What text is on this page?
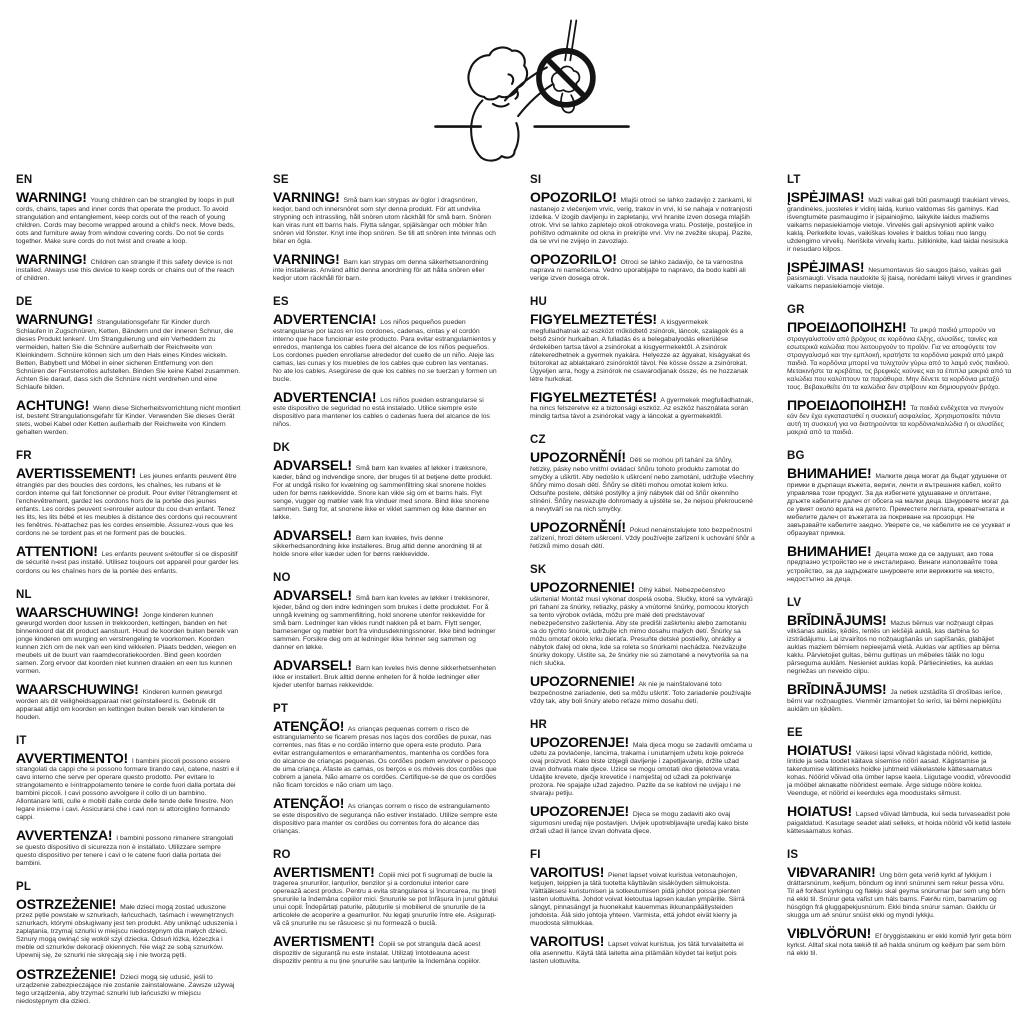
EN

WARNING! Young children can be strangled by loops in pull cords, chains, tapes and inner cords that operate the product. To avoid strangulation and entanglement, keep cords out of the reach of young children. Cords may become wrapped around a child's neck. Move beds, cots and furniture away from window covering cords. Do not tie cords together. Make sure cords do not twist and create a loop.

WARNING! Children can strangle if this safety device is not installed. Always use this device to keep cords or chains out of the reach of children.

DE

WARNUNG! Strangulationsgefahr für Kinder durch Schlaufen in Zugschnüren, Ketten, Bändern und der inneren Schnur, die dieses Produkt lenken!. Um Strangulierung und ein Verheddern zu vermeiden, halten Sie die Schnüre außerhalb der Reichweite von Kleinkindern. Schnüre können sich um den Hals eines Kindes wickeln. Betten, Babybett und Möbel in einer sicheren Entfernung von den Schnüren der Fensterrollos aufstellen. Binden Sie keine Kabel zusammen. Achten Sie darauf, dass sich die Schnüre nicht verdrehen und eine Schlaufe bilden.

ACHTUNG! Wenn diese Sicherheitsvorrichtung nicht montiert ist, besteht Strangulationsgefahr für Kinder. Verwenden Sie dieses Gerät stets, wobei Kabel oder Ketten außerhalb der Reichweite von Kindern gehalten werden.

FR

AVERTISSEMENT! Les jeunes enfants peuvent être étranglés par des boucles des cordons, les chaînes, les rubans et le cordon interne qui fait fonctionner ce produit. Pour éviter l'étranglement et l'enchevêtrement, gardez les cordons hors de la portée des jeunes enfants. Les cordes peuvent s›enrouler autour du cou d›un enfant. Tenez les lits, les lits bébé et les meubles à distance des cordons qui recouvrent les fenêtres. N›attachez pas les cordes ensemble. Assurez-vous que les cordons ne se tordent pas et ne forment pas de boucles.

ATTENTION! Les enfants peuvent s›étouffer si ce dispositif de sécurité n›est pas installé. Utilisez toujours cet appareil pour garder les cordons ou les chaînes hors de la portée des enfants.

NL

WAARSCHUWING! Jonge kinderen kunnen gewurgd worden door lussen in trekkoorden, kettingen, banden en het binnenkoord dat dit product aanstuurt. Houd de koorden buiten bereik van jonge kinderen om wurging en verstrengeling te voorkomen. Koorden kunnen zich om de nek van een kind wikkelen. Plaats bedden, wiegen en meubels uit de buurt van raamdecoratiekoorden. Bind geen koorden samen. Zorg ervoor dat koorden niet kunnen draaien en een lus kunnen vormen.

WAARSCHUWING! Kinderen kunnen gewurgd worden als dit veiligheidsapparaat niet geïnstalleerd is. Gebruik dit apparaat altijd om koorden en kettingen buiten bereik van kinderen te houden.

IT

AVVERTIMENTO! I bambini piccoli possono essere strangolati da cappi che si possono formare tirando cavi, catene, nastri e il cavo interno che serve per operare questo prodotto. Per evitare lo strangolamento e l›intrappolamento tenere le corde fuori dalla portata dei bambini piccoli. I cavi possono avvolgere il collo di un bambino. Allontanare letti, culle e mobili dalle corde delle tende delle finestre. Non legare insieme i cavi. Assicurarsi che i cavi non si attorciglino formando cappi.

AVVERTENZA! I bambini possono rimanere strangolati se questo dispositivo di sicurezza non è installato. Utilizzare sempre questo dispositivo per tenere i cavi o le catene fuori dalla portata dei bambini.

PL

OSTRZEŻENIE! Małe dzieci mogą zostać uduszone przez pętle powstałe w sznurkach, łańcuchach, taśmach i wewnętrznych sznurkach, którymi obsługiwany jest ten produkt. Aby uniknąć uduszenia i zaplątania, trzymaj sznurki w miejscu niedostępnym dla małych dzieci. Sznury mogą owinąć się wokół szyi dziecka. Odsuń łóżka, łóżeczka i meble od sznurków dekoracji okiennych. Nie wiąż ze sobą sznurków. Upewnij się, że sznurki nie skręcają się i nie tworzą pętli.

OSTRZEŻENIE! Dzieci mogą się udusić, jeśli to urządzenie zabezpieczające nie zostanie zainstalowane. Zawsze używaj tego urządzenia, aby trzymać sznurki lub łańcuszki w miejscu niedostępnym dla dzieci.

SE

VARNING! Små barn kan strypas av öglor i dragsnören, kedjor, band och innersnöret som styr denna produkt. För att undvika strypning och intrassling, håll snören utom räckhåll för små barn. Snören kan viras runt ett barns hals. Flytta sängar, spjälsängar och möbler från snören vid fönster. Knyt inte ihop snören. Se till att snören inte tvinnas och bilar en ögla.

VARNING! Barn kan strypas om denna säkerhetsanordning inte installeras. Använd alltid denna anordning för att hålla snören eller kedjor utom räckhåll för barn.

ES

ADVERTENCIA! Los niños pequeños pueden estrangularse por lazos en los cordones, cadenas, cintas y el cordón interno que hace funcionar este producto. Para evitar estrangulamientos y enredos, mantenga los cables fuera del alcance de los niños pequeños. Los cordones pueden enrollarse alrededor del cuello de un niño. Aleje las camas, las cunas y los muebles de los cables que cubren las ventanas. No ate los cables. Asegúrese de que los cables no se tuerzan y formen un bucle.

ADVERTENCIA! Los niños pueden estrangularse si este dispositivo de seguridad no está instalado. Utilice siempre este dispositivo para mantener los cables o cadenas fuera del alcance de los niños.

DK

ADVARSEL! Små børn kan kvæles af løkker i træksnore, kæder, bånd og indvendige snore, der bruges til at betjene dette produkt. For at undgå risiko for kvælning og sammenfiltring skal snorene holdes uden for børns rækkevidde. Snore kan vikle sig om et barns hals. Flyt senge, vugger og møbler væk fra vinduer med snore. Bind ikke snorene sammen. Sørg for, at snorene ikke er viklet sammen og ikke danner en løkke.

ADVARSEL! Børn kan kvæles, hvis denne sikkerhedsanordning ikke installeres. Brug altid denne anordning til at holde snore eller kæder uden for børns rækkevidde.

NO

ADVARSEL! Små barn kan kveles av løkker i trekksnorer, kjeder, bånd og den indre ledningen som brukes i dette produktet. For å unngå kvelning og sammenfiltring, hold snorene utenfor rekkevidde for små barn. Ledninger kan vikles rundt nakken på et barn. Flytt senger, barnesenger og møbler bort fra vindusdekningssnorer. Ikke bind ledninger sammen. Forsikre deg om at ledninger ikke tvinner seg sammen og danner en løkke.

ADVARSEL! Barn kan kveles hvis denne sikkerhetsenheten ikke er installert. Bruk alltid denne enheten for å holde ledninger eller kjeder utenfor barnas rekkevidde.

PT

ATENÇÃO! As crianças pequenas correm o risco de estrangulamento se ficarem presas nos laços dos cordões de puxar, nas correntes, nas fitas e no cordão interno que opera este produto. Para evitar estrangulamentos e emaranhamentos, mantenha os cordões fora do alcance de crianças pequenas. Os cordões podem envolver o pescoço de uma criança. Afaste as camas, os berços e os móveis dos cordões que cobrem a janela. Não amarre os cordões. Certifique-se de que os cordões não ficam torcidos e não criam um laço.

ATENÇÃO! As crianças correm o risco de estrangulamento se este dispositivo de segurança não estiver instalado. Utilize sempre este dispositivo para manter os cordões ou correntes fora do alcance das crianças.

RO

AVERTISMENT! Copiii mici pot fi sugrumați de bucle la tragerea șnururilor, lanțurilor, benzilor și a cordonului interior care operează acest produs. Pentru a evita strangularea și încurcarea, nu țineți șnururile la îndemâna copiilor mici. Șnururile se pot înfășura în jurul gâtului unui copil. Îndepărtați paturile, pătuțurile și mobilierul de șnururile de la articolele de acoperire a geamurilor. Nu legați șnururile între ele. Asigurați-vă că șnururile nu se răsucesc și nu formează o buclă.

AVERTISMENT! Copiii se pot strangula dacă acest dispozitiv de siguranță nu este instalat. Utilizați întotdeauna acest dispozitiv pentru a nu ține șnururile sau lanțurile la îndemâna copiilor.

SI

OPOZORILO! Mlajši otroci se lahko zadavijo z zankami, ki nastanejo z vlečenjem vrvic, verig, trakov in vrvi, ki se nahaja v notranjosti izdelka. V izogib davljenju in zapletanju, vrvi hranite izven dosega mlajših otrok. Vrvi se lahko zapletejo okoli otrokovega vratu. Postelje, posteljice in pohištvo odmaknite od okna in prekrijte vrvi. Vrv ne zvežite skupaj. Pazite, da se vrvi ne zvijejo in zavozlajo.

OPOZORILO! Otroci se lahko zadavijo, če ta varnostna naprava ni nameščena. Vedno uporabljajte to napravo, da bodo kabli ali verige izven dosega otrok.

HU

FIGYELMEZTETÉS! A kisgyermekek megfulladhatnak az eszközt működtető zsinórok, láncok, szalagok és a belső zsinór hurkaiban. A fulladás és a belegabalyodás elkerülése érdekében tartsa távol a zsinórokat a kisgyermekektől. A zsinórok rátekeredhetnek a gyermek nyakára. Helyezze az ágyakat, kiságyakat és bútorokat az ablaktakaró zsinóroktól távol. Ne kösse össze a zsinórokat. Ügyeljen arra, hogy a zsinórok ne csavarodjanak össze, és ne hozzanak létre hurkokat.

FIGYELMEZTETÉS! A gyermekek megfulladhatnak, ha nincs felszerelve ez a biztonsági eszköz. Az eszköz használata során mindig tartsa távol a zsinórokat vagy a láncokat a gyermekektől.

CZ

UPOZORNĚNÍ! Děti se mohou při tahání za šňůry, řetízky, pásky nebo vnitřní ovládací šňůru tohoto produktu zamotat do smyčky a uškrtit. Aby nedošlo k uškrcení nebo zamotání, udržujte všechny šňůry mimo dosah dětí. Šňůry se dítěti mohou omotat kolem krku. Odsuňte postele, dětské postýlky a jiný nábytek dál od šňůr okenního stínění. Šňůry nesvazujte dohromady a ujistěte se, že nejsou překroucené a nevytváří se na nich smyčky.

UPOZORNĚNÍ! Pokud nenainstalujete toto bezpečnostní zařízení, hrozí dětem uškrcení. Vždy používejte zařízení k uchování šňůr a řetízků mimo dosah dětí.

SK

UPOZORNENIE! Dlhý kábel. Nebezpečenstvo uškrtenia! Montáž musí vykonať dospelá osoba. Slučky, ktoré sa vytvárajú pri ťahaní za šnúrky, retiazky, pásky a vnútorné šnúrky, pomocou ktorých sa tento výrobok ovláda, môžu pre malé deti predstavovať nebezpečenstvo zaškrtenia. Aby ste predišli zaškrteniu alebo zamotaniu sa do týchto šnúrok, udržujte ich mimo dosahu malých detí. Šnúrky sa môžu omotať okolo krku dieťaťa. Presuňte detské postieľky, ohrádky a nábytok ďalej od okna, kde sa roleta so šnúrkami nachádza. Nezväzujte šnúrky dokopy. Uistite sa, že šnúrky nie sú zamotané a nevytvorila sa na nich slučka.

UPOZORNENIE! Ak nie je nainštalované toto bezpečnostné zariadenie, deti sa môžu uškrtiť. Toto zariadenie používajte vždy tak, aby boli šnúry alebo reťaze mimo dosahu detí.

HR

UPOZORENJE! Mala djeca mogu se zadaviti omčama u užetu za povlačenje, lancima, trakama i unutarnjem užetu koje pokreće ovaj proizvod. Kako biste izbjegli davljenje i zapetljavanje, držite užad izvan dohvata male djece. Uzice se mogu omotati oko djetetova vrata. Udaljite krevete, dječje krevetiće i namještaj od užadi za pokrivanje prozora. Ne spajajte užad zajedno. Pazite da se kablovi ne uvijaju i ne stvaraju petlju.

UPOZORENJE! Djeca se mogu zadaviti ako ovaj sigurnosni uređaj nije postavljen. Uvijek upotrebljavajte uređaj kako biste držali užad ili lance izvan dohvata djece.

FI

VAROITUS! Pienet lapset voivat kuristua vetonauhojen, ketjujen, teippien ja tätä tuotetta käyttävän sisäköyden silmukoista. Välttääksesi kuristumisen ja sotkeutumisen pidä johdot poissa pienten lasten ulottuvilta. Johdot voivat kietoutua lapsen kaulan ympärille. Siirrä sängyt, pinnasängyt ja huonekalut kauemmas ikkunanpäällysteiden johdoista. Älä sido johtoja yhteen. Varmista, että johdot eivät kierry ja muodosta silmukkaa.

VAROITUS! Lapset voivat kuristua, jos tätä turvalaitetta ei olla asennettu. Käytä tätä laitetta aina pitämään köydet tai ketjut pois lasten ulottuvilta.

LT

ĮSPĖJIMAS! Maži vaikai gali būti pasmaugti traukiant virves, grandinėles, juosteles ir vidinį laidą, kuriuo valdomas šis gaminys. Kad išvengtumėte pasmaugimo ir įsipainiojimo, laikykite laidus mažiems vaikams nepasiekiamoje vietoje. Virvelės gali apsivynioti aplink vaiko kaklą. Perkelkite lovas, vaikiškas loveles ir baldus toliau nuo langų uždengimo virvelių. Neriškite virvelių kartu. Įsitikinkite, kad laidai nesisuka ir nesudaro kilpos.

ĮSPĖJIMAS! Nesumontavus šio saugos įtaiso, vaikas gali pasismaugti. Visada naudokite šį įtaisą, norėdami laikyti virves ir grandines vaikams nepasiekiamoje vietoje.

GR

ΠΡΟΕΙΔΟΠΟΙΗΣΗ! Τα μικρά παιδιά μπορούν να στραγγαλιστούν από βρόχους σε κορδόνια έλξης, αλυσίδες, ταινίες και εσωτερικά καλώδια που λειτουργούν το προϊόν. Για να αποφύγετε τον στραγγαλισμό και την εμπλοκή, κρατήστε τα κορδόνια μακριά από μικρά παιδιά. Τα κορδόνια μπορεί να τυλιχτούν γύρω από το λαιμό ενός παιδιού. Μετακινήστε τα κρεβάτια, τις βρεφικές κούνιες και τα έπιπλα μακριά από τα καλώδια που καλύπτουν τα παράθυρα. Μην δένετε τα κορδόνια μεταξύ τους. Βεβαιωθείτε ότι τα καλώδια δεν στρίβουν και δημιουργούν βρόχο.

ΠΡΟΕΙΔΟΠΟΙΗΣΗ! Τα παιδιά ενδέχεται να πνιγούν εάν δεν έχει εγκατασταθεί η συσκευή ασφαλείας. Χρησιμοποιείτε πάντα αυτή τη συσκευή για να διατηρούνται τα κορδόνια/καλώδια ή οι αλυσίδες μακριά από τα παιδιά.

BG

ВНИМАНИЕ! Малките деца могат да бъдат удушени от примки в дърпащи въжета, вериги, ленти и вътрешния кабел, който управлява този продукт. За да избегнете удушаване и оплитане, дръжте кабелите далеч от обсега на малки деца. Шнуровете могат да се увият около врата на детето. Преместете леглата, креватчетата и мебелите далеч от въжетата за покриване на прозорци. Не завързвайте кабелите заедно. Уверете се, че кабелите не се усукват и образуват примка.

ВНИМАНИЕ! Децата може да се задушат, ако това предпазно устройство не е инсталирано. Винаги използвайте това устройство, за да задържате шнуровете или верижките на място, недостъпно за деца.

LV

BRĪDINĀJUMS! Mazus bērnus var nožņaugt cilpas vilkšanas auklās, ķēdēs, lentēs un iekšējā auklā, kas darbina šo izstrādājumu. Lai izvairītos no nožņaugšanās un sapīšanās, glabājiet auklas maziem bērniem nepieejamā vietā. Auklas var aptīties ap bērna kaklu. Pārvietojiet gultas, bērnu gultiņas un mēbeles tālāk no logu pārseguma auklām. Nesieniet auklas kopā. Pārliecinieties, ka auklas negriežas un neveido cilpu.

BRĪDINĀJUMS! Ja netiek uzstādīta šī drošības ierīce, bērni var nožņaugties. Vienmēr izmantojiet šo ierīci, lai bērni nepiekļūtu auklām un ķēdēm.

EE

HOIATUS! Väikesi lapsi võivad kägistada nöörid, kettide, lintide ja seda toodet käitava sisemise nööri aasad. Kägistamise ja takerdumise vältimiseks hoidke juhtmeid väikelastele kättesaamatus kohas. Nöörid võivad olla ümber lapse kaela. Liigutage voodid, võrevoodid ja mööbel aknakatte nööridest eemale. Ärge siduge nööre kokku. Veenduge, et nöörid ei keerduks ega moodustaks silmust.

HOIATUS! Lapsed võivad lämbuda, kui seda turvaseadist pole paigaldatud. Kasutage seadet alati selleks, et hoida nöörid või ketid lastele kättesaamatus kohas.

IS

VIÐVARANIR! Ung börn geta verið kyrkt af lykkjum í dráttarsnúrum, keðjum, böndum og innri snúrunni sem rekur þessa vöru. Til að forðast kyrkingu og flækju skal geyma snúrurnar þar sem ung börn ná ekki til. Snúrur geta vafist um háls barns. Færðu rúm, barnarúm og húsgögn frá gluggaþekjusnúrum. Ekki binda snúrur saman. Gakktu úr skugga um að snúrur snúist ekki og myndi lykkju.

VIÐLVÖRUN! Ef öryggistækinu er ekki komið fyrir geta börn kyrkst. Alltaf skal nota tækið til að halda snúrum og keðjum þar sem börn ná ekki til.
